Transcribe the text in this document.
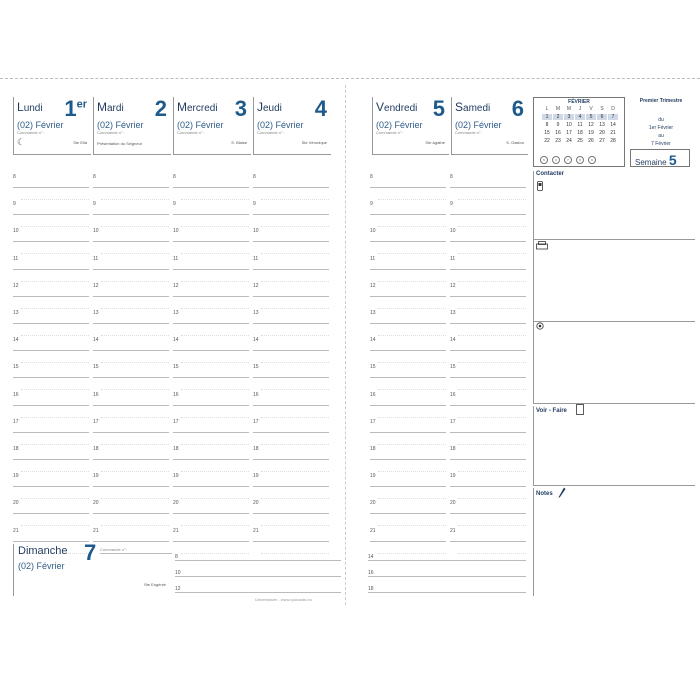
Lundi 1er
(02) Février
Commande n°:
☾	Ste Ella
Mardi 2
(02) Février
Commande n°:
Présentation du Seigneur
Mercredi 3
(02) Février
Commande n°:
S. Blaise
Jeudi 4
(02) Février
Commande n°:
Ste Véronique
8
9
10
11
12
13
14
15
16
17
18
19
20
21
8
9
10
11
12
13
14
15
16
17
18
19
20
21
8
9
10
11
12
13
14
15
16
17
18
19
20
21
8
9
10
11
12
13
14
15
16
17
18
19
20
21
Dimanche 7
(02) Février
Commande n°:
Ste Eugénie
8
10
12
Universitaire - www.quovadis.eu
Vendredi 5
(02) Février
Commande n°:
Ste Agathe
Samedi 6
(02) Février
Commande n°:
S. Gaston
8
9
10
11
12
13
14
15
16
17
18
19
20
21
8
9
10
11
12
13
14
15
16
17
18
19
20
21
14
16
18
FÉVRIER
L	M	M	J	V	S	D
1	2	3	4	5	6	7
8	9	10	11	12	13	14
15	16	17	18	19	20	21
22	23	24	25	26	27	28
5	6	7	8	9
Premier Trimestre
du
1er Février
au
7 Février
Semaine 5
Contacter
Voir - Faire
Notes
